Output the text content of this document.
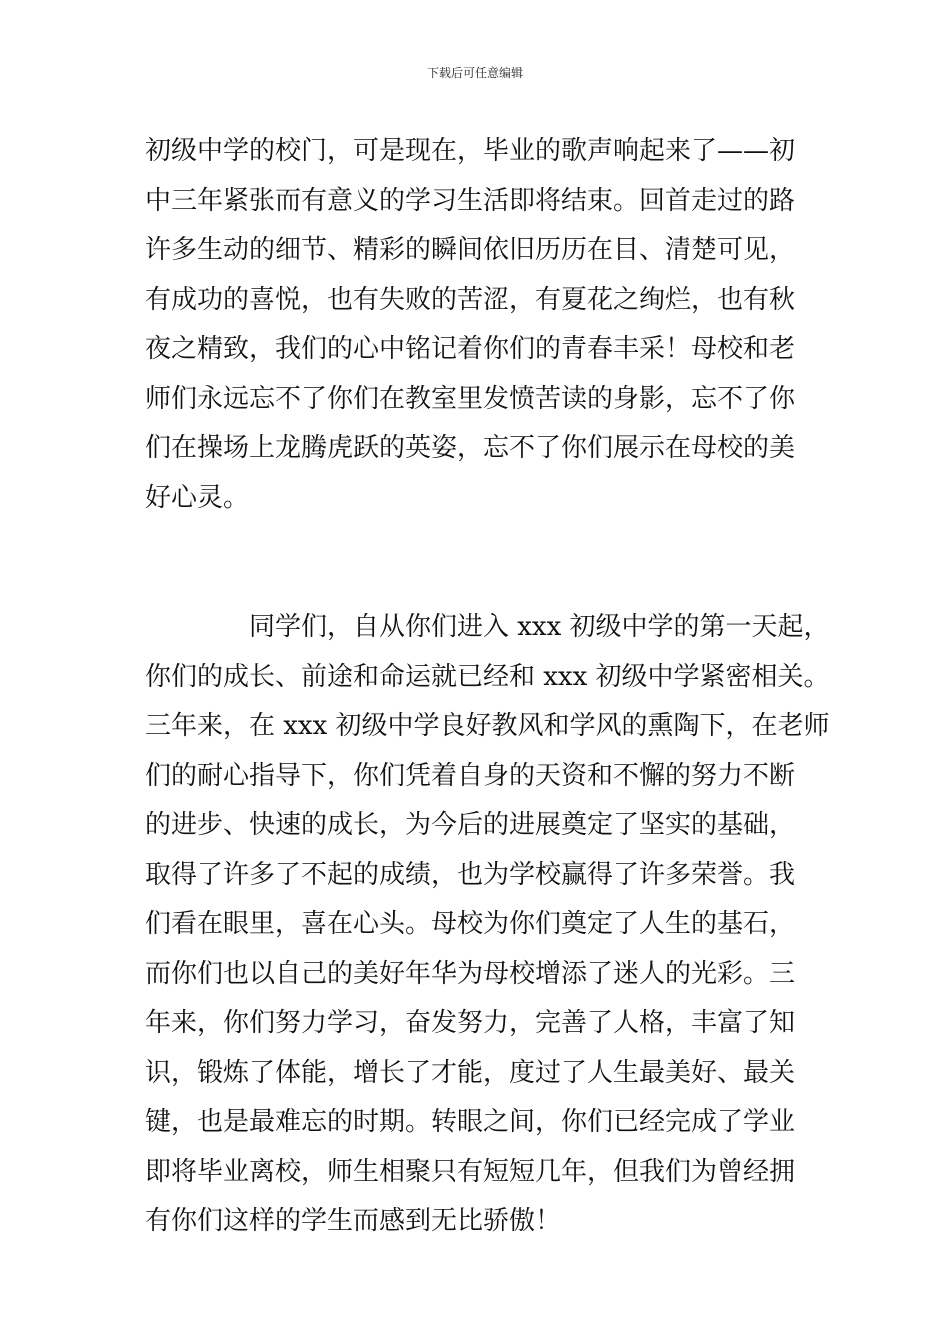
下载后可任意编辑
初级中学的校门，可是现在，毕业的歌声响起来了——初
中三年紧张而有意义的学习生活即将结束。回首走过的路
许多生动的细节、精彩的瞬间依旧历历在目、清楚可见，
有成功的喜悦，也有失败的苦涩，有夏花之绚烂，也有秋
夜之精致，我们的心中铭记着你们的青春丰采！母校和老
师们永远忘不了你们在教室里发愤苦读的身影，忘不了你
们在操场上龙腾虎跃的英姿，忘不了你们展示在母校的美
好心灵。
同学们，自从你们进入 xxx 初级中学的第一天起，
你们的成长、前途和命运就已经和 xxx 初级中学紧密相关。
三年来，在 xxx 初级中学良好教风和学风的熏陶下，在老师
们的耐心指导下，你们凭着自身的天资和不懈的努力不断
的进步、快速的成长，为今后的进展奠定了坚实的基础，
取得了许多了不起的成绩，也为学校赢得了许多荣誉。我
们看在眼里，喜在心头。母校为你们奠定了人生的基石，
而你们也以自己的美好年华为母校增添了迷人的光彩。三
年来，你们努力学习，奋发努力，完善了人格，丰富了知
识，锻炼了体能，增长了才能，度过了人生最美好、最关
键，也是最难忘的时期。转眼之间，你们已经完成了学业
即将毕业离校，师生相聚只有短短几年，但我们为曾经拥
有你们这样的学生而感到无比骄傲！
